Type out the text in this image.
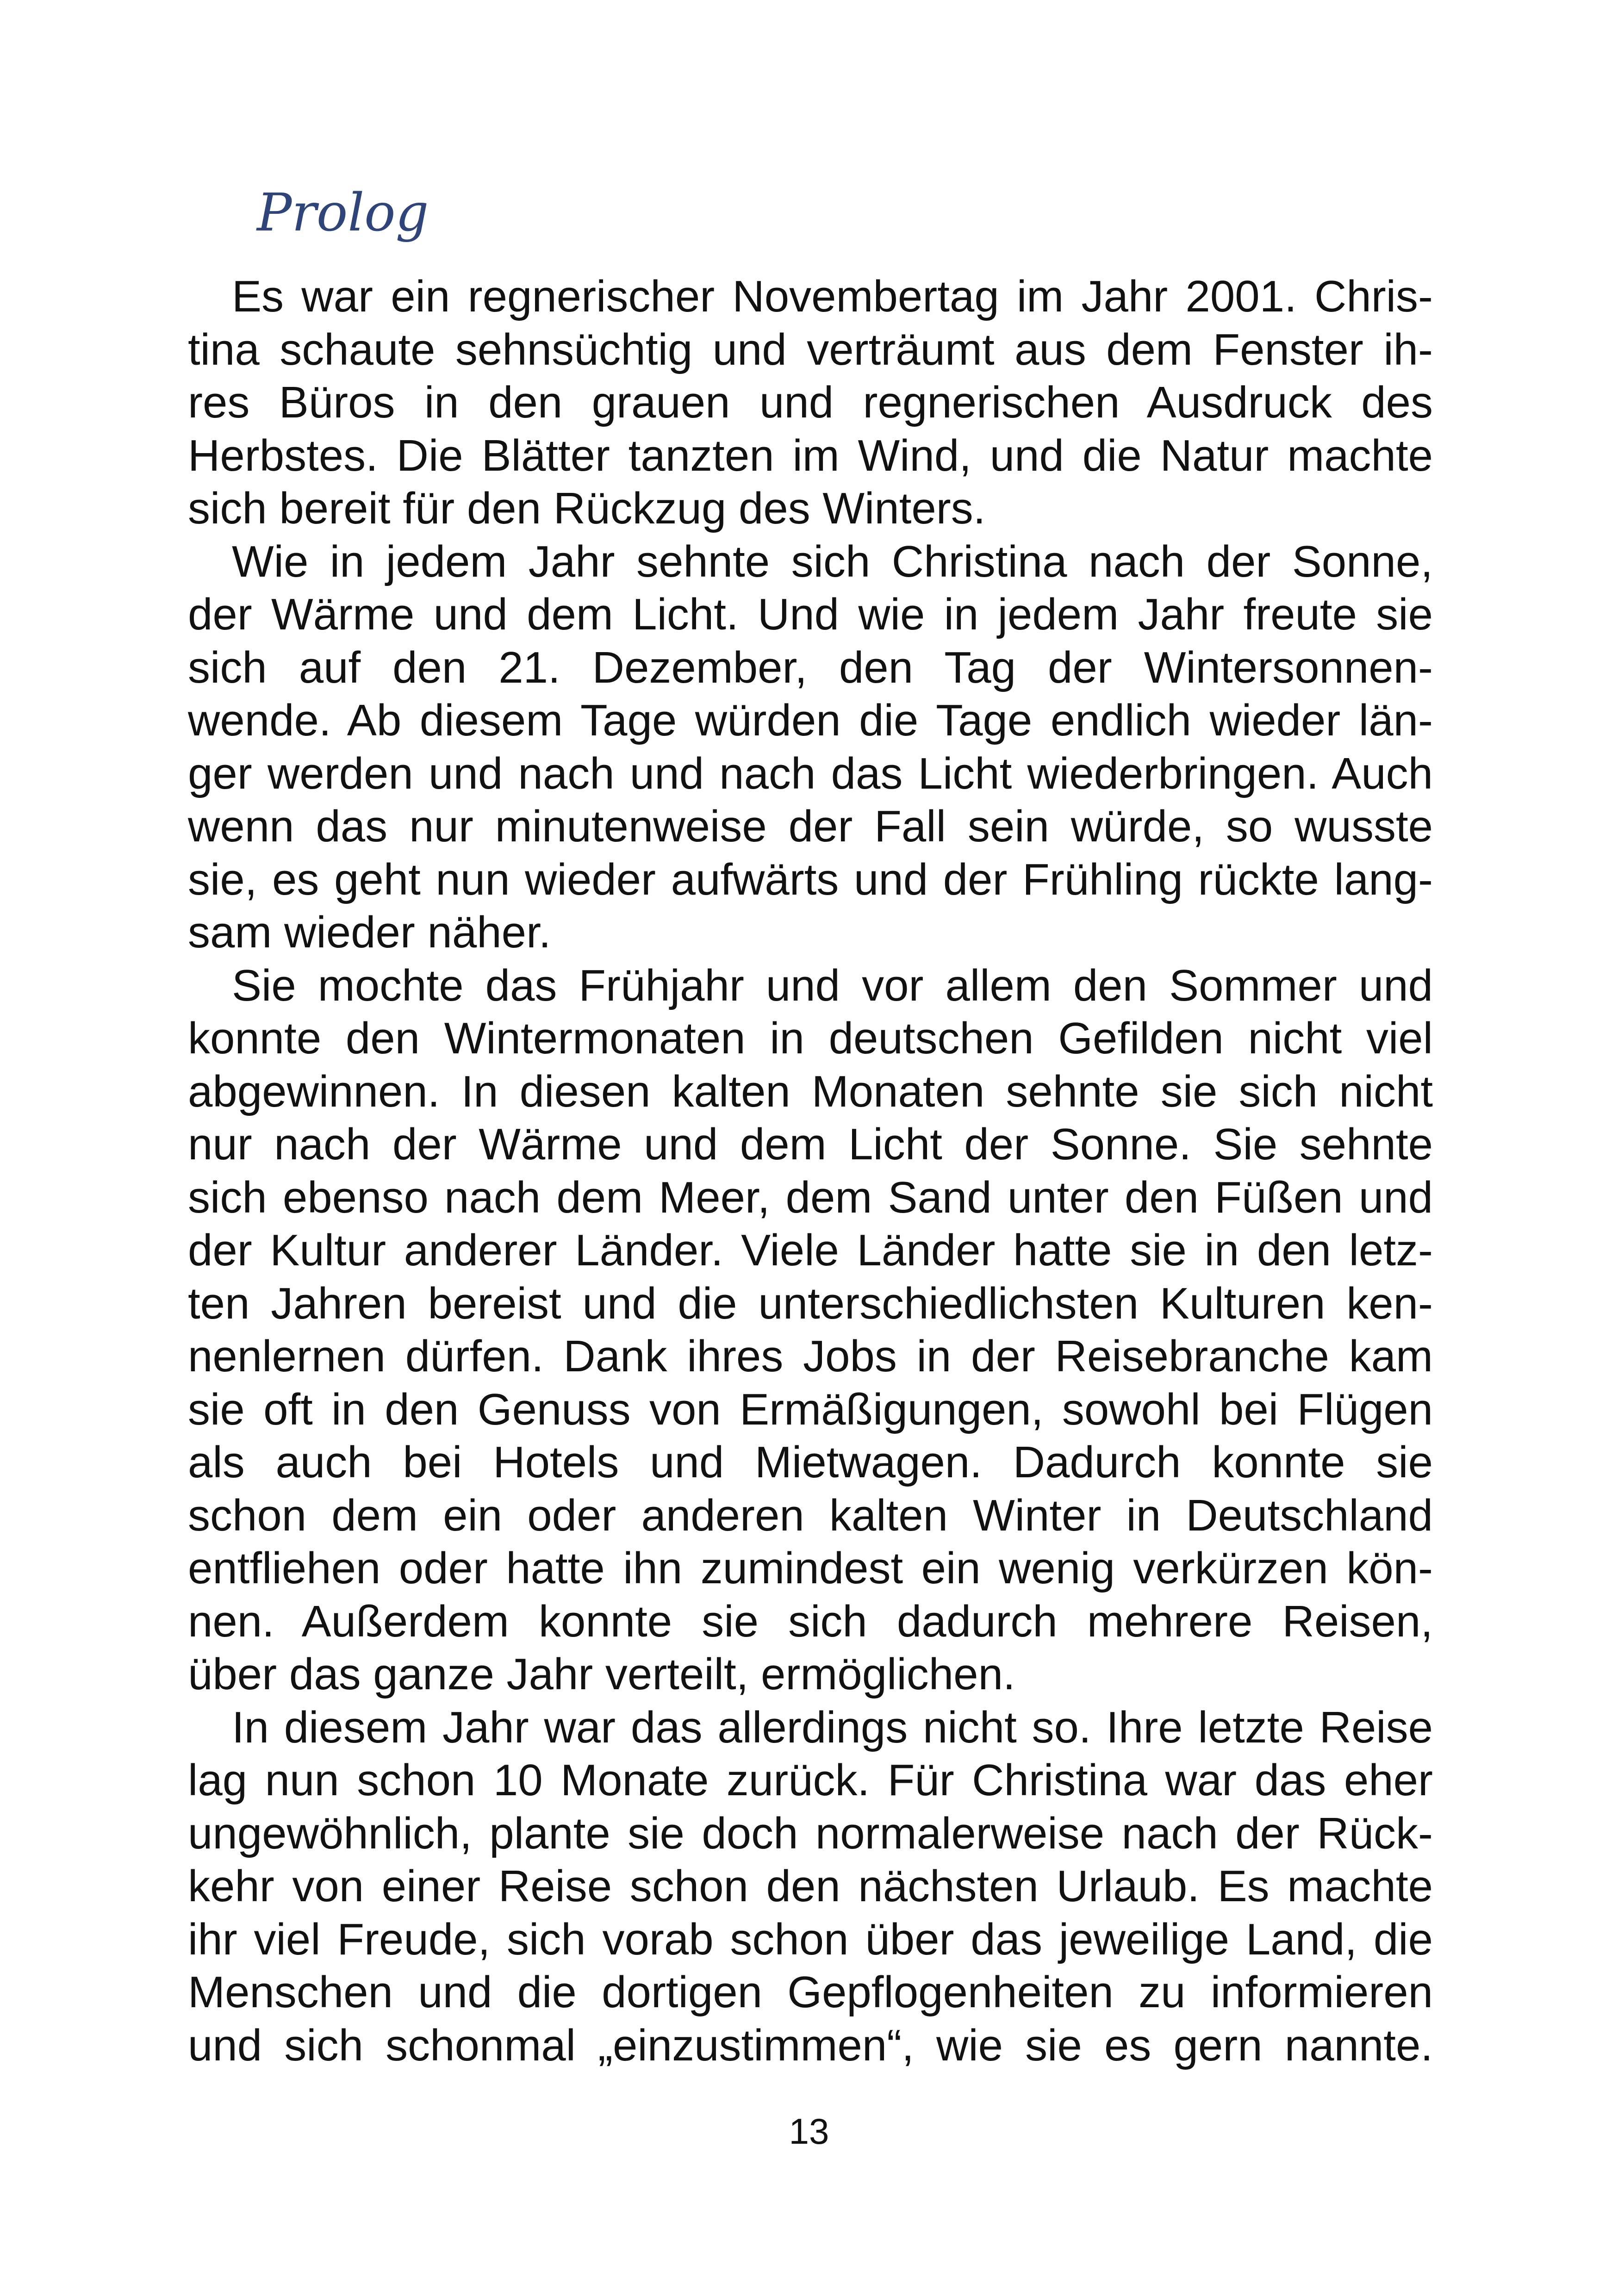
Prolog
Es war ein regnerischer Novembertag im Jahr 2001. Chris-
tina schaute sehnsüchtig und verträumt aus dem Fenster ih-
res Büros in den grauen und regnerischen Ausdruck des
Herbstes. Die Blätter tanzten im Wind, und die Natur machte
sich bereit für den Rückzug des Winters.
Wie in jedem Jahr sehnte sich Christina nach der Sonne,
der Wärme und dem Licht. Und wie in jedem Jahr freute sie
sich auf den 21. Dezember, den Tag der Wintersonnen-
wende. Ab diesem Tage würden die Tage endlich wieder län-
ger werden und nach und nach das Licht wiederbringen. Auch
wenn das nur minutenweise der Fall sein würde, so wusste
sie, es geht nun wieder aufwärts und der Frühling rückte lang-
sam wieder näher.
Sie mochte das Frühjahr und vor allem den Sommer und
konnte den Wintermonaten in deutschen Gefilden nicht viel
abgewinnen. In diesen kalten Monaten sehnte sie sich nicht
nur nach der Wärme und dem Licht der Sonne. Sie sehnte
sich ebenso nach dem Meer, dem Sand unter den Füßen und
der Kultur anderer Länder. Viele Länder hatte sie in den letz-
ten Jahren bereist und die unterschiedlichsten Kulturen ken-
nenlernen dürfen. Dank ihres Jobs in der Reisebranche kam
sie oft in den Genuss von Ermäßigungen, sowohl bei Flügen
als auch bei Hotels und Mietwagen. Dadurch konnte sie
schon dem ein oder anderen kalten Winter in Deutschland
entfliehen oder hatte ihn zumindest ein wenig verkürzen kön-
nen. Außerdem konnte sie sich dadurch mehrere Reisen,
über das ganze Jahr verteilt, ermöglichen.
In diesem Jahr war das allerdings nicht so. Ihre letzte Reise
lag nun schon 10 Monate zurück. Für Christina war das eher
ungewöhnlich, plante sie doch normalerweise nach der Rück-
kehr von einer Reise schon den nächsten Urlaub. Es machte
ihr viel Freude, sich vorab schon über das jeweilige Land, die
Menschen und die dortigen Gepflogenheiten zu informieren
und sich schonmal „einzustimmen“, wie sie es gern nannte.
13
